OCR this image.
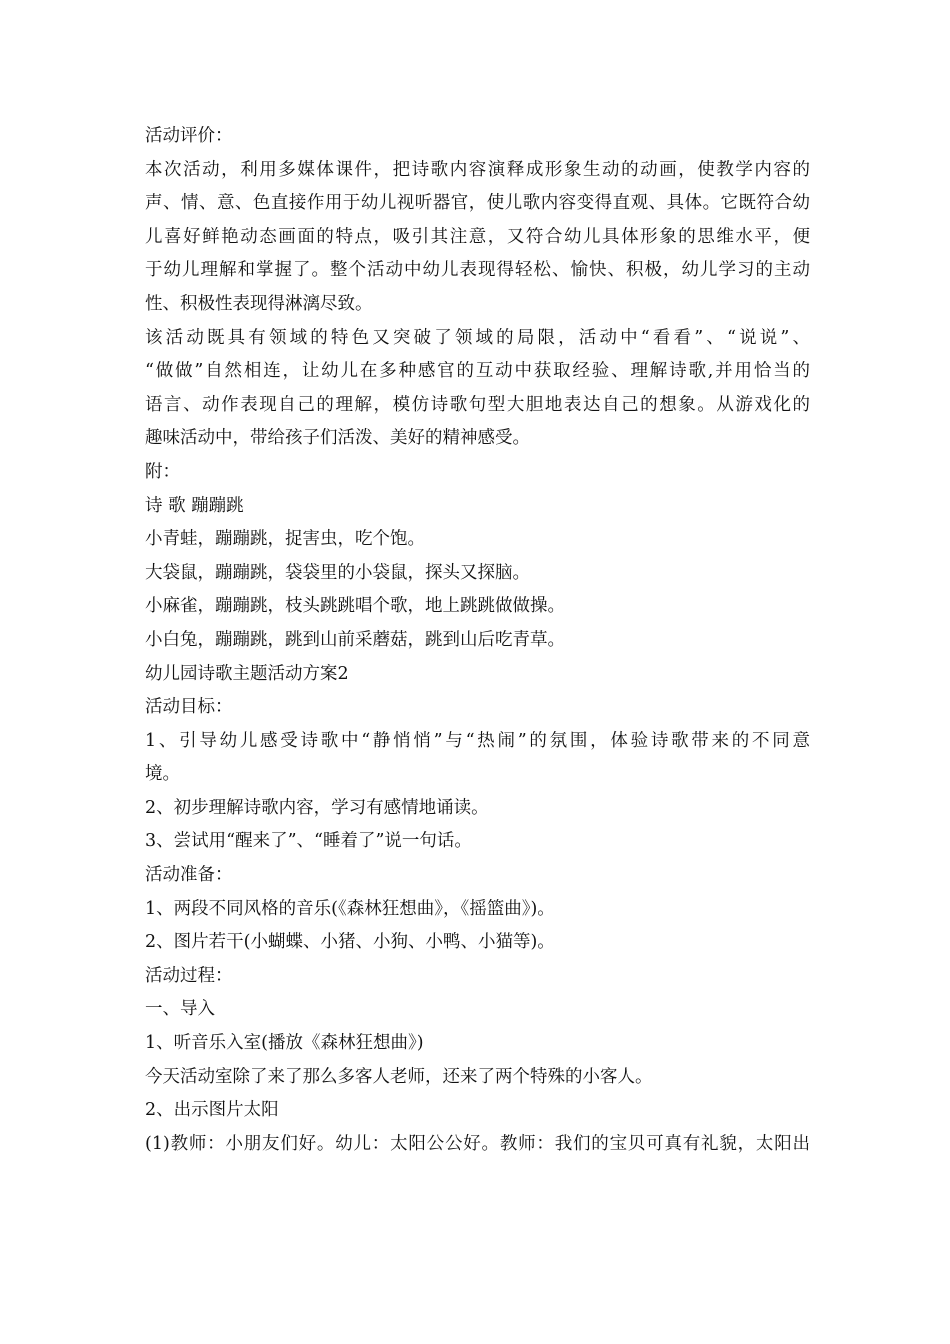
活动评价：
本次活动，利用多媒体课件，把诗歌内容演释成形象生动的动画，使教学内容的
声、情、意、色直接作用于幼儿视听器官，使儿歌内容变得直观、具体。它既符合幼
儿喜好鲜艳动态画面的特点，吸引其注意，又符合幼儿具体形象的思维水平，便
于幼儿理解和掌握了。整个活动中幼儿表现得轻松、愉快、积极，幼儿学习的主动
性、积极性表现得淋漓尽致。
该活动既具有领域的特色又突破了领域的局限，活动中“看看”、“说说”、
“做做”自然相连，让幼儿在多种感官的互动中获取经验、理解诗歌,并用恰当的
语言、动作表现自己的理解，模仿诗歌句型大胆地表达自己的想象。从游戏化的
趣味活动中，带给孩子们活泼、美好的精神感受。
附：
诗 歌 蹦蹦跳
小青蛙，蹦蹦跳，捉害虫，吃个饱。
大袋鼠，蹦蹦跳，袋袋里的小袋鼠，探头又探脑。
小麻雀，蹦蹦跳，枝头跳跳唱个歌，地上跳跳做做操。
小白兔，蹦蹦跳，跳到山前采蘑菇，跳到山后吃青草。
幼儿园诗歌主题活动方案2
活动目标：
1、引导幼儿感受诗歌中“静悄悄”与“热闹”的氛围，体验诗歌带来的不同意
境。
2、初步理解诗歌内容，学习有感情地诵读。
3、尝试用“醒来了”、“睡着了”说一句话。
活动准备：
1、两段不同风格的音乐(《森林狂想曲》，《摇篮曲》)。
2、图片若干(小蝴蝶、小猪、小狗、小鸭、小猫等)。
活动过程：
一、导入
1、听音乐入室(播放《森林狂想曲》)
今天活动室除了来了那么多客人老师，还来了两个特殊的小客人。
2、出示图片太阳
(1)教师：小朋友们好。幼儿：太阳公公好。教师：我们的宝贝可真有礼貌，太阳出
